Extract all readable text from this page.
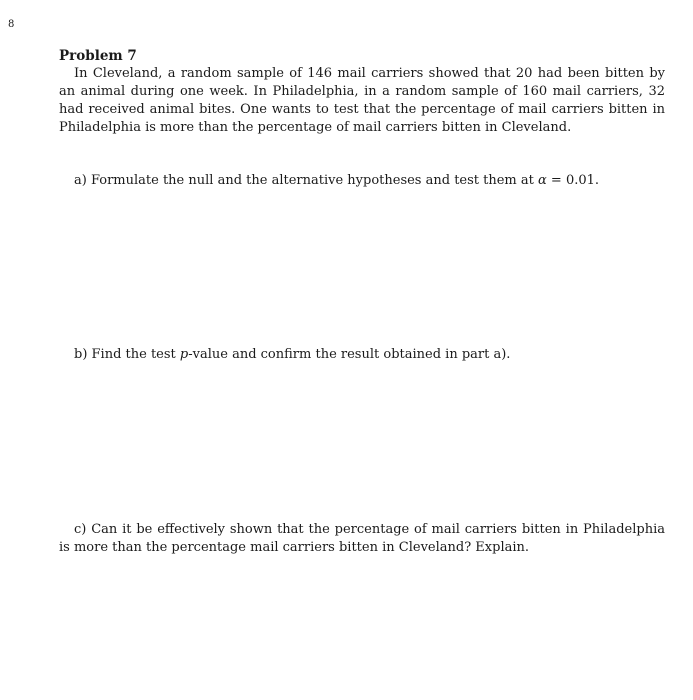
8

Problem 7

In Cleveland, a random sample of 146 mail carriers showed that 20 had been bitten by an animal during one week. In Philadelphia, in a random sample of 160 mail carriers, 32 had received animal bites. One wants to test that the percentage of mail carriers bitten in Philadelphia is more than the percentage of mail carriers bitten in Cleveland.

a) Formulate the null and the alternative hypotheses and test them at α = 0.01.

b) Find the test p-value and confirm the result obtained in part a).

c) Can it be effectively shown that the percentage of mail carriers bitten in Philadelphia is more than the percentage mail carriers bitten in Cleveland? Explain.
